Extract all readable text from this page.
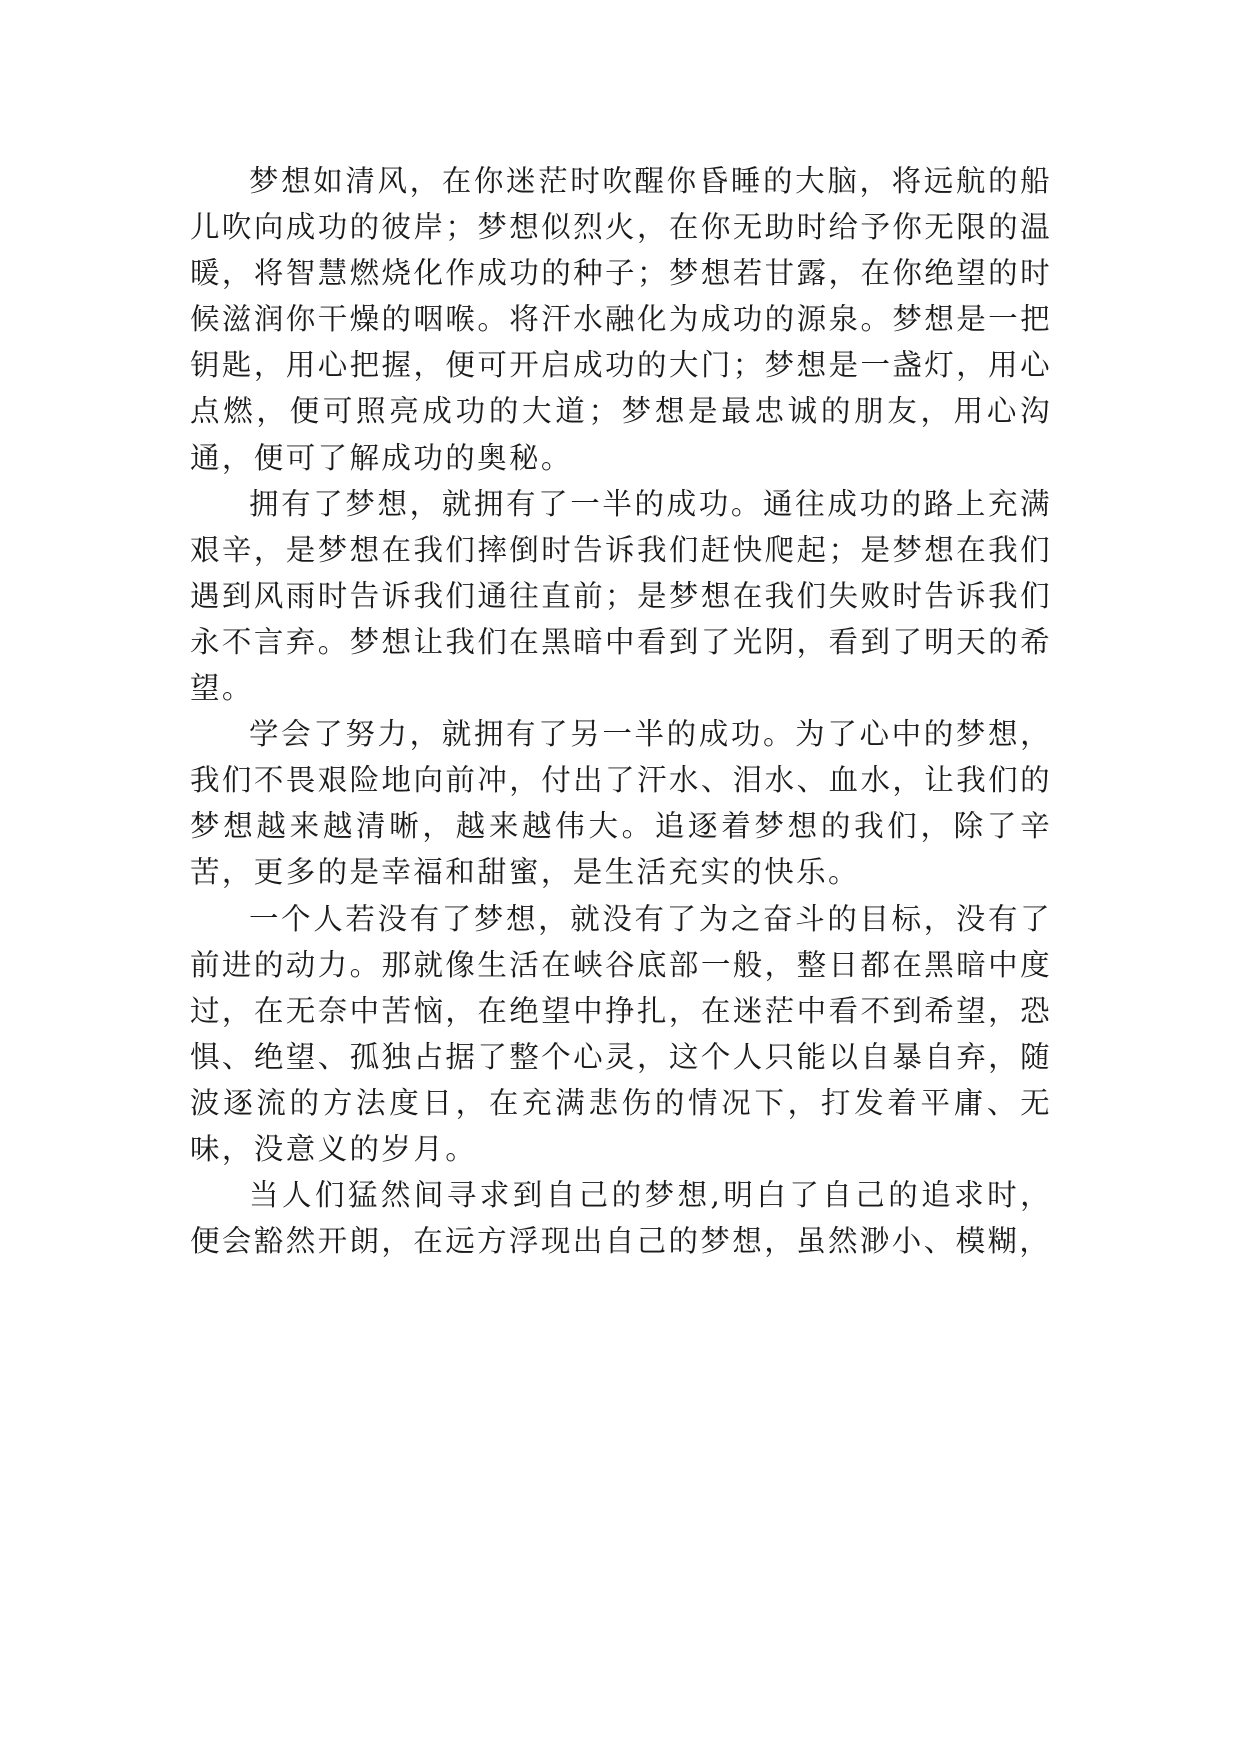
梦想如清风，在你迷茫时吹醒你昏睡的大脑，将远航的船儿吹向成功的彼岸；梦想似烈火，在你无助时给予你无限的温暖，将智慧燃烧化作成功的种子；梦想若甘露，在你绝望的时候滋润你干燥的咽喉。将汗水融化为成功的源泉。梦想是一把钥匙，用心把握，便可开启成功的大门；梦想是一盏灯，用心点燃，便可照亮成功的大道；梦想是最忠诚的朋友，用心沟通，便可了解成功的奥秘。

拥有了梦想，就拥有了一半的成功。通往成功的路上充满艰辛，是梦想在我们摔倒时告诉我们赶快爬起；是梦想在我们遇到风雨时告诉我们通往直前；是梦想在我们失败时告诉我们永不言弃。梦想让我们在黑暗中看到了光阴，看到了明天的希望。

学会了努力，就拥有了另一半的成功。为了心中的梦想，我们不畏艰险地向前冲，付出了汗水、泪水、血水，让我们的梦想越来越清晰，越来越伟大。追逐着梦想的我们，除了辛苦，更多的是幸福和甜蜜，是生活充实的快乐。

一个人若没有了梦想，就没有了为之奋斗的目标，没有了前进的动力。那就像生活在峡谷底部一般，整日都在黑暗中度过，在无奈中苦恼，在绝望中挣扎，在迷茫中看不到希望，恐惧、绝望、孤独占据了整个心灵，这个人只能以自暴自弃，随波逐流的方法度日，在充满悲伤的情况下，打发着平庸、无味，没意义的岁月。

当人们猛然间寻求到自己的梦想,明白了自己的追求时，便会豁然开朗，在远方浮现出自己的梦想，虽然渺小、模糊，
